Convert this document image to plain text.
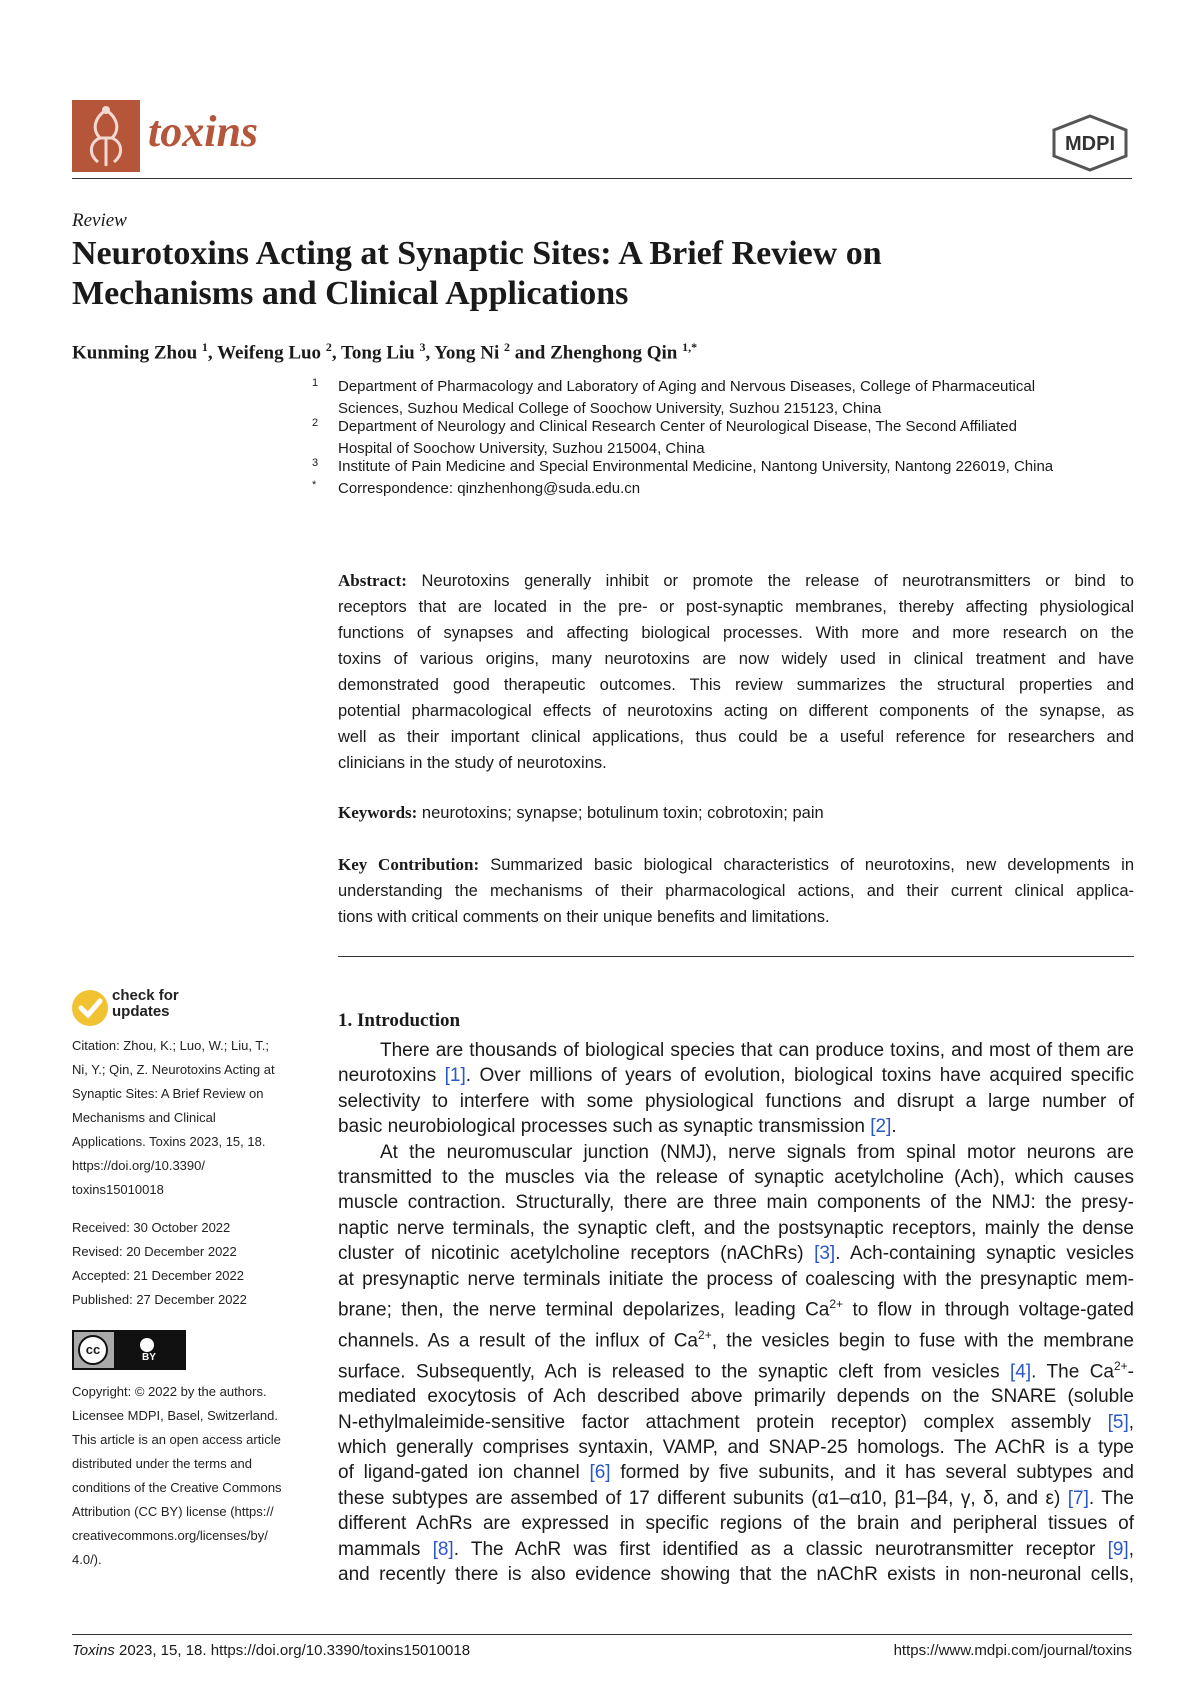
toxins	MDPI
Review
Neurotoxins Acting at Synaptic Sites: A Brief Review on
Mechanisms and Clinical Applications
Kunming Zhou $^1$, Weifeng Luo $^2$, Tong Liu $^3$, Yong Ni $^2$ and Zhenghong Qin $^{1,*}$
1 Department of Pharmacology and Laboratory of Aging and Nervous Diseases, College of Pharmaceutical
Sciences, Suzhou Medical College of Soochow University, Suzhou 215123, China
2 Department of Neurology and Clinical Research Center of Neurological Disease, The Second Affiliated
Hospital of Soochow University, Suzhou 215004, China
3 Institute of Pain Medicine and Special Environmental Medicine, Nantong University, Nantong 226019, China
* Correspondence: qinzhenhong@suda.edu.cn
Abstract: Neurotoxins generally inhibit or promote the release of neurotransmitters or bind to
receptors that are located in the pre- or post-synaptic membranes, thereby affecting physiological
functions of synapses and affecting biological processes. With more and more research on the
toxins of various origins, many neurotoxins are now widely used in clinical treatment and have
demonstrated good therapeutic outcomes. This review summarizes the structural properties and
potential pharmacological effects of neurotoxins acting on different components of the synapse, as
well as their important clinical applications, thus could be a useful reference for researchers and
clinicians in the study of neurotoxins.
Keywords: neurotoxins; synapse; botulinum toxin; cobrotoxin; pain
Key Contribution: Summarized basic biological characteristics of neurotoxins, new developments in
understanding the mechanisms of their pharmacological actions, and their current clinical applica-
tions with critical comments on their unique benefits and limitations.
check for
updates
Citation: Zhou, K.; Luo, W.; Liu, T.;
Ni, Y.; Qin, Z. Neurotoxins Acting at
Synaptic Sites: A Brief Review on
Mechanisms and Clinical
Applications. Toxins 2023, 15, 18.
https://doi.org/10.3390/
toxins15010018
Received: 30 October 2022
Revised: 20 December 2022
Accepted: 21 December 2022
Published: 27 December 2022
cc
BY
Copyright: © 2022 by the authors.
Licensee MDPI, Basel, Switzerland.
This article is an open access article
distributed under the terms and
conditions of the Creative Commons
Attribution (CC BY) license (https://
creativecommons.org/licenses/by/
4.0/).
1. Introduction
There are thousands of biological species that can produce toxins, and most of them are
neurotoxins [1]. Over millions of years of evolution, biological toxins have acquired specific
selectivity to interfere with some physiological functions and disrupt a large number of
basic neurobiological processes such as synaptic transmission [2].
At the neuromuscular junction (NMJ), nerve signals from spinal motor neurons are
transmitted to the muscles via the release of synaptic acetylcholine (Ach), which causes
muscle contraction. Structurally, there are three main components of the NMJ: the presy-
naptic nerve terminals, the synaptic cleft, and the postsynaptic receptors, mainly the dense
cluster of nicotinic acetylcholine receptors (nAChRs) [3]. Ach-containing synaptic vesicles
at presynaptic nerve terminals initiate the process of coalescing with the presynaptic mem-
brane; then, the nerve terminal depolarizes, leading $Ca^{2+}$ to flow in through voltage-gated
channels. As a result of the influx of $Ca^{2+}$, the vesicles begin to fuse with the membrane
surface. Subsequently, Ach is released to the synaptic cleft from vesicles [4]. The $Ca^{2+}-$
mediated exocytosis of Ach described above primarily depends on the SNARE (soluble
N-ethylmaleimide-sensitive factor attachment protein receptor) complex assembly [5],
which generally comprises syntaxin, VAMP, and SNAP-25 homologs. The AChR is a type
of ligand-gated ion channel [6] formed by five subunits, and it has several subtypes and
these subtypes are assembed of 17 different subunits (α1–α10, β1–β4, γ, δ, and ε) [7]. The
different AchRs are expressed in specific regions of the brain and peripheral tissues of
mammals [8]. The AchR was first identified as a classic neurotransmitter receptor [9],
and recently there is also evidence showing that the nAChR exists in non-neuronal cells,
Toxins 2023, 15, 18. https://doi.org/10.3390/toxins15010018	https://www.mdpi.com/journal/toxins
